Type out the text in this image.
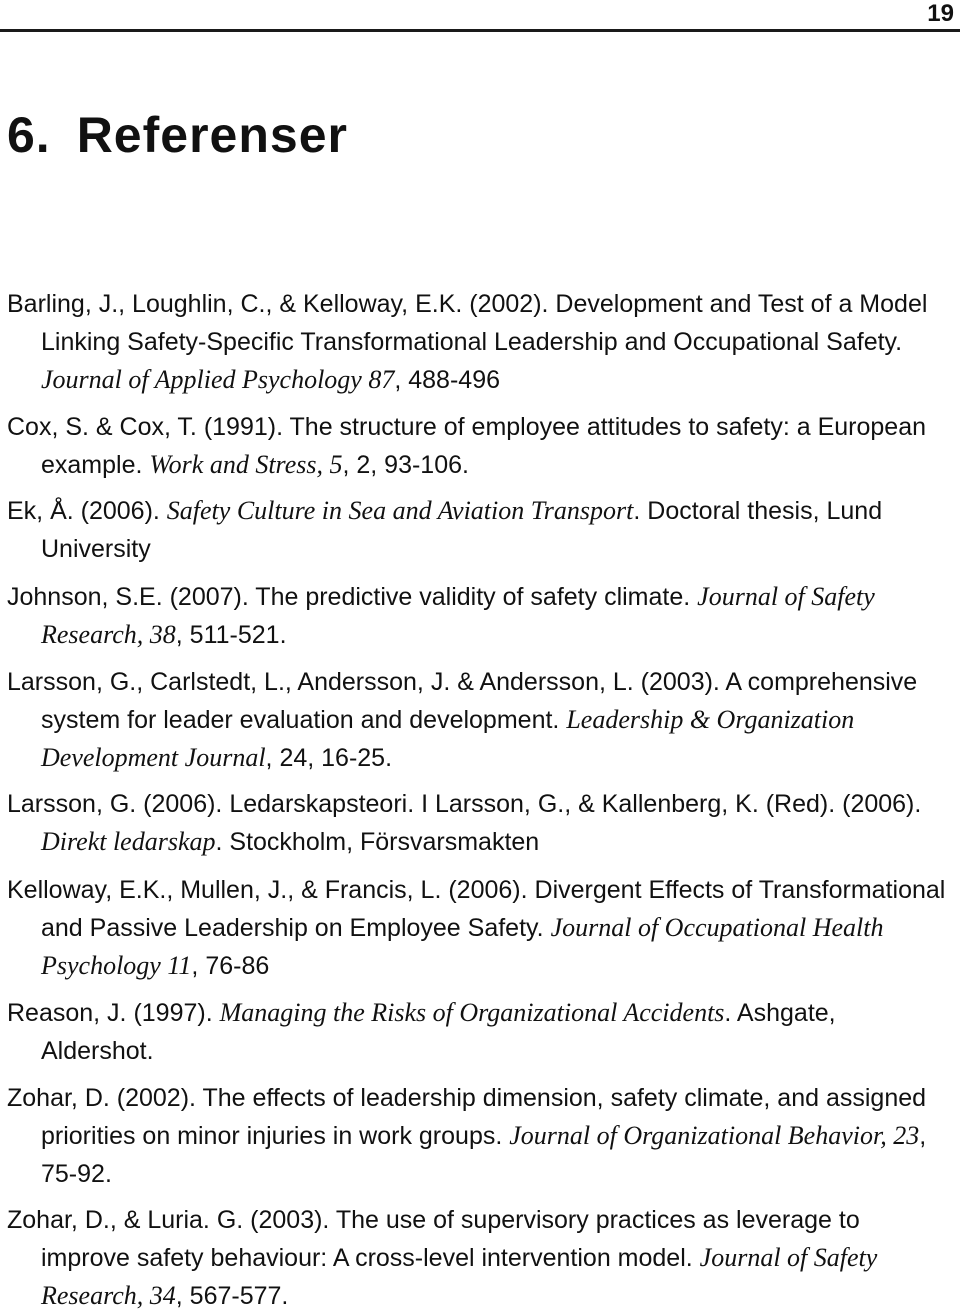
19
6. Referenser
Barling, J., Loughlin, C., & Kelloway, E.K. (2002). Development and Test of a Model Linking Safety-Specific Transformational Leadership and Occupational Safety. Journal of Applied Psychology 87, 488-496
Cox, S. & Cox, T. (1991). The structure of employee attitudes to safety: a European example. Work and Stress, 5, 2, 93-106.
Ek, Å. (2006). Safety Culture in Sea and Aviation Transport. Doctoral thesis, Lund University
Johnson, S.E. (2007). The predictive validity of safety climate. Journal of Safety Research, 38, 511-521.
Larsson, G., Carlstedt, L., Andersson, J. & Andersson, L. (2003). A comprehensive system for leader evaluation and development. Leadership & Organization Development Journal, 24, 16-25.
Larsson, G. (2006). Ledarskapsteori. I Larsson, G., & Kallenberg, K. (Red). (2006). Direkt ledarskap. Stockholm, Försvarsmakten
Kelloway, E.K., Mullen, J., & Francis, L. (2006). Divergent Effects of Transformational and Passive Leadership on Employee Safety. Journal of Occupational Health Psychology 11, 76-86
Reason, J. (1997). Managing the Risks of Organizational Accidents. Ashgate, Aldershot.
Zohar, D. (2002). The effects of leadership dimension, safety climate, and assigned priorities on minor injuries in work groups. Journal of Organizational Behavior, 23, 75-92.
Zohar, D., & Luria. G. (2003). The use of supervisory practices as leverage to improve safety behaviour: A cross-level intervention model. Journal of Safety Research, 34, 567-577.
